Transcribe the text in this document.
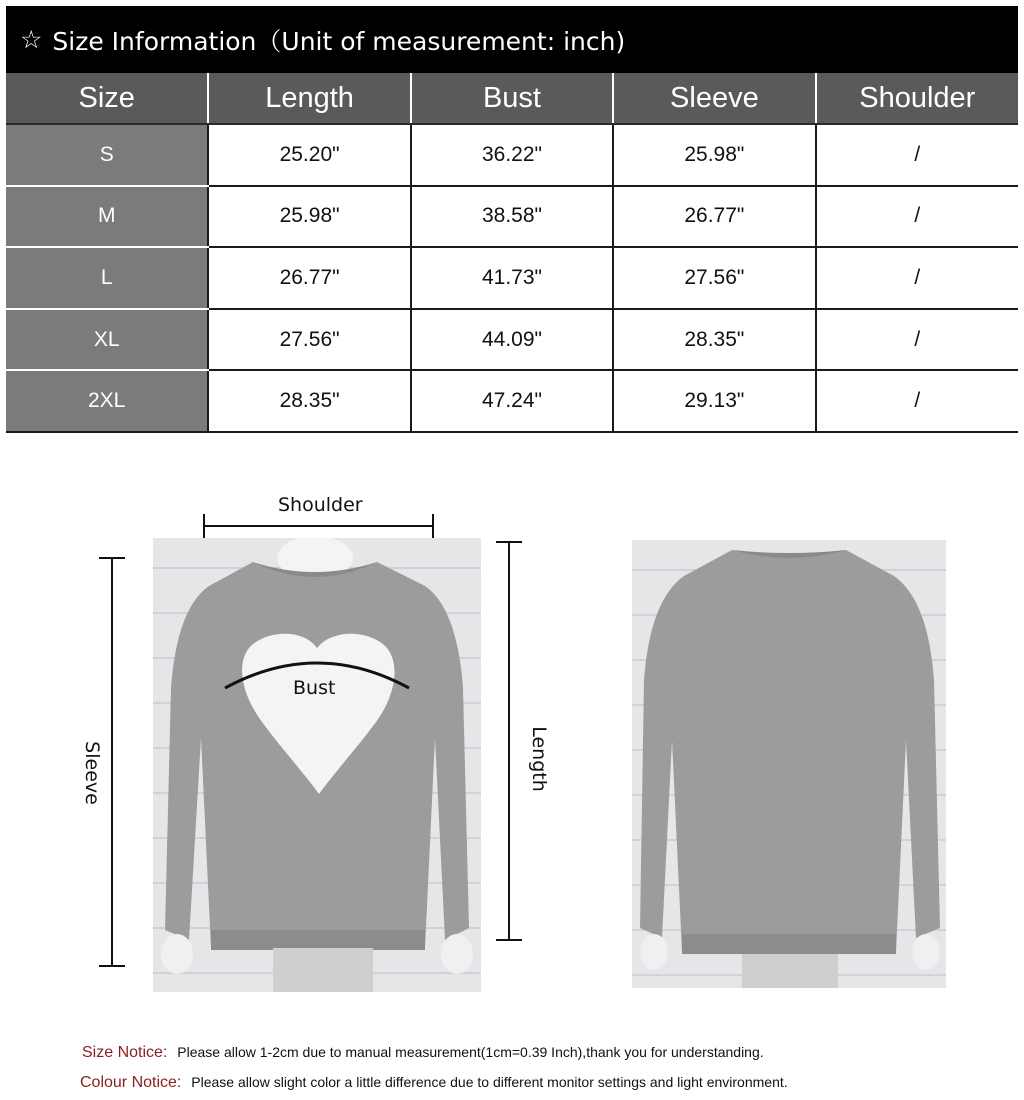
☆ Size Information（Unit of measurement: inch)
Size	Length	Bust	Sleeve	Shoulder
S	25.20"	36.22"	25.98"	/
M	25.98"	38.58"	26.77"	/
L	26.77"	41.73"	27.56"	/
XL	27.56"	44.09"	28.35"	/
2XL	28.35"	47.24"	29.13"	/
Shoulder
Bust
Sleeve	Length
Size Notice: Please allow 1-2cm due to manual measurement(1cm=0.39 Inch),thank you for understanding.
Colour Notice: Please allow slight color a little difference due to different monitor settings and light environment.
